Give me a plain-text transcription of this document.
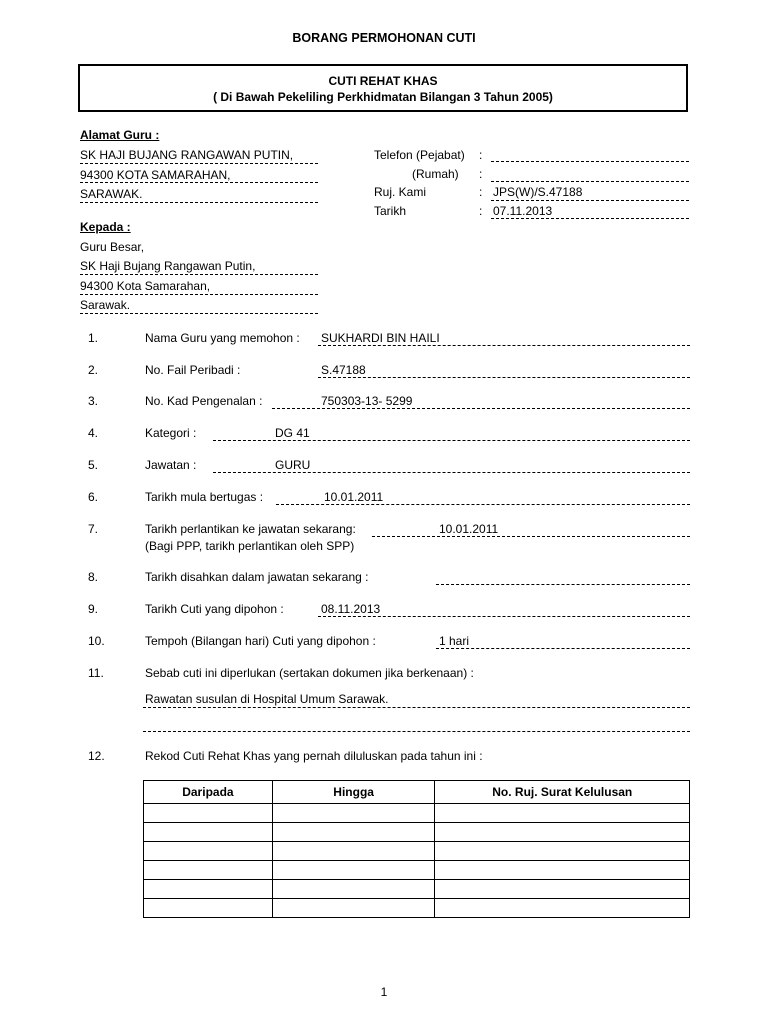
BORANG PERMOHONAN CUTI
CUTI REHAT KHAS
( Di Bawah Pekeliling Perkhidmatan Bilangan 3 Tahun 2005)
Alamat Guru :
SK HAJI BUJANG RANGAWAN PUTIN,
94300 KOTA SAMARAHAN,
SARAWAK.
Telefon (Pejabat) :
(Rumah) :
Ruj. Kami	: JPS(W)/S.47188
Tarikh	: 07.11.2013
Kepada :
Guru Besar,
SK Haji Bujang Rangawan Putin,
94300 Kota Samarahan,
Sarawak.
1.	Nama Guru yang memohon : SUKHARDI BIN HAILI
2.	No. Fail Peribadi :	S.47188
3.	No. Kad Pengenalan :	750303-13- 5299
4.	Kategori :	DG 41
5.	Jawatan :	GURU
6.	Tarikh mula bertugas :	10.01.2011
7.	Tarikh perlantikan ke jawatan sekarang:
(Bagi PPP, tarikh perlantikan oleh SPP)
10.01.2011
8.	Tarikh disahkan dalam jawatan sekarang :
9.	Tarikh Cuti yang dipohon :	08.11.2013
10.	Tempoh (Bilangan hari) Cuti yang dipohon :	1 hari
11.	Sebab cuti ini diperlukan (sertakan dokumen jika berkenaan) :
Rawatan susulan di Hospital Umum Sarawak.
12.	Rekod Cuti Rehat Khas yang pernah diluluskan pada tahun ini :
Daripada	Hingga	No. Ruj. Surat Kelulusan

1
